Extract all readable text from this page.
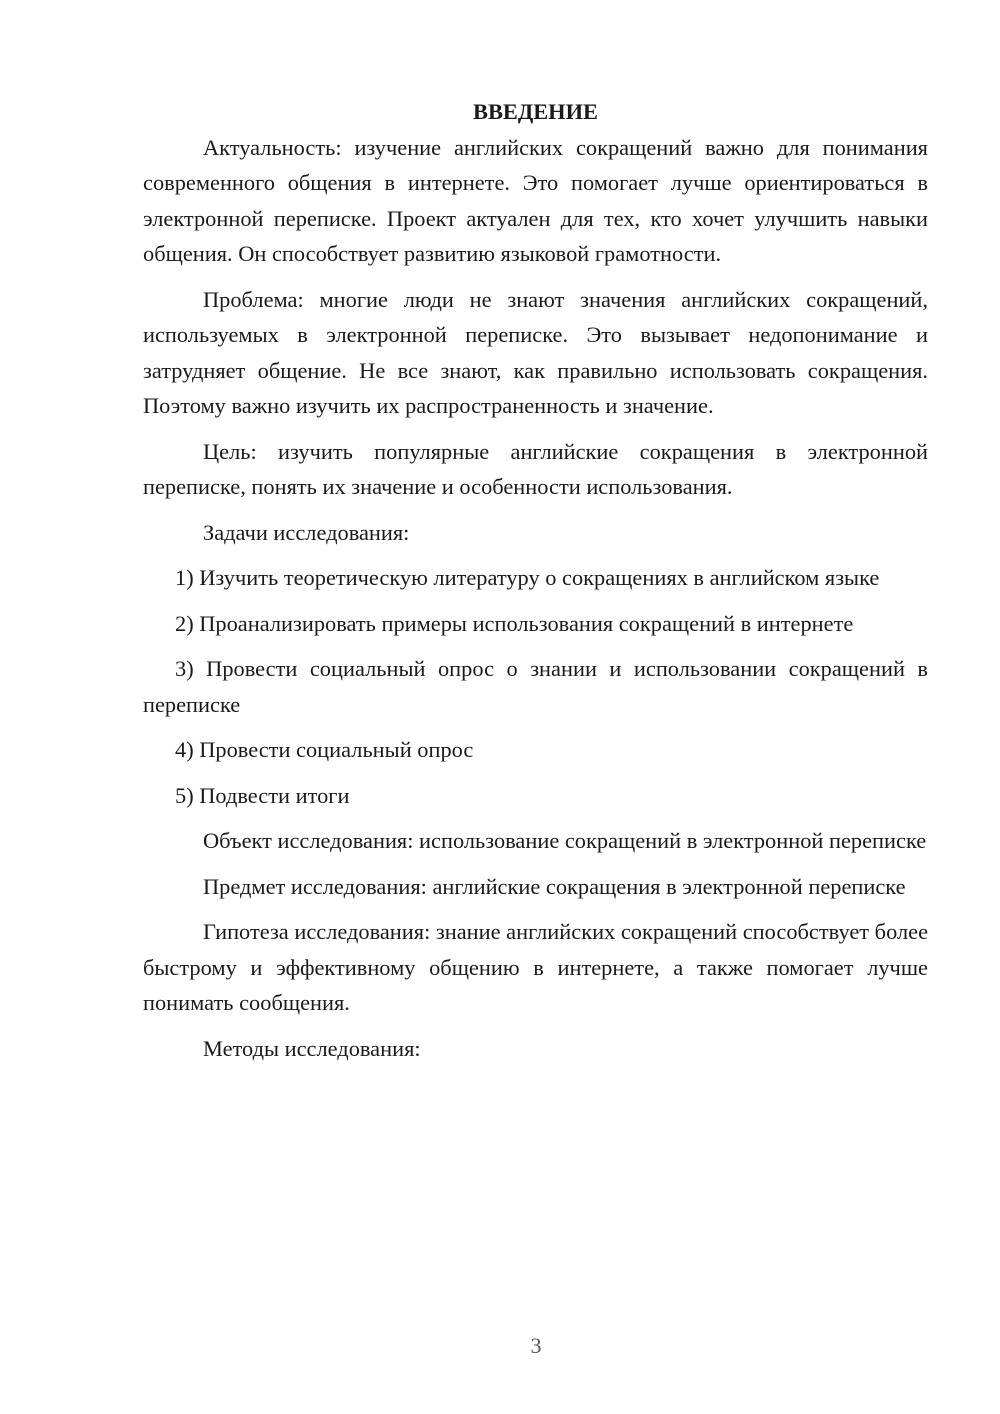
ВВЕДЕНИЕ

Актуальность: изучение английских сокращений важно для понимания современного общения в интернете. Это помогает лучше ориентироваться в электронной переписке. Проект актуален для тех, кто хочет улучшить навыки общения. Он способствует развитию языковой грамотности.

Проблема: многие люди не знают значения английских сокращений, используемых в электронной переписке. Это вызывает недопонимание и затрудняет общение. Не все знают, как правильно использовать сокращения. Поэтому важно изучить их распространенность и значение.

Цель: изучить популярные английские сокращения в электронной переписке, понять их значение и особенности использования.

Задачи исследования:

1) Изучить теоретическую литературу о сокращениях в английском языке

2) Проанализировать примеры использования сокращений в интернете

3) Провести социальный опрос о знании и использовании сокращений в переписке

4) Провести социальный опрос

5) Подвести итоги

Объект исследования: использование сокращений в электронной переписке

Предмет исследования: английские сокращения в электронной переписке

Гипотеза исследования: знание английских сокращений способствует более быстрому и эффективному общению в интернете, а также помогает лучше понимать сообщения.

Методы исследования:

3
